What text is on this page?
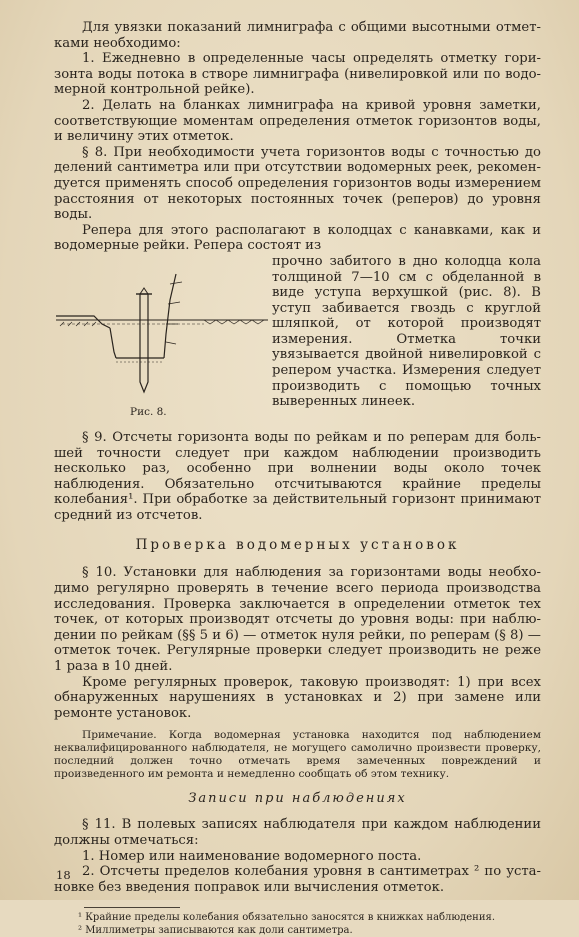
Для увязки показаний лимниграфа с общими высотными отметками необходимо:

1. Ежедневно в определенные часы определять отметку горизонта воды потока в створе лимниграфа (нивелировкой или по водомерной контрольной рейке).

2. Делать на бланках лимниграфа на кривой уровня заметки, соответствующие моментам определения отметок горизонтов воды, и величину этих отметок.

§ 8. При необходимости учета горизонтов воды с точностью до делений сантиметра или при отсутствии водомерных реек, рекомендуется применять способ определения горизонтов воды измерением расстояния от некоторых постоянных точек (реперов) до уровня воды.

Репера для этого располагают в колодцах с канавками, как и водомерные рейки. Репера состоят из

Рис. 8.

прочно забитого в дно колодца кола толщиной 7—10 см с обделанной в виде уступа верхушкой (рис. 8). В уступ забивается гвоздь с круглой шляпкой, от которой производят измерения. Отметка точки увязывается двойной нивелировкой с репером участка. Измерения следует производить с помощью точных выверенных линеек.

§ 9. Отсчеты горизонта воды по рейкам и по реперам для большей точности следует при каждом наблюдении производить несколько раз, особенно при волнении воды около точек наблюдения. Обязательно отсчитываются крайние пределы колебания¹. При обработке за действительный горизонт принимают средний из отсчетов.

Проверка водомерных установок

§ 10. Установки для наблюдения за горизонтами воды необходимо регулярно проверять в течение всего периода производства исследования. Проверка заключается в определении отметок тех точек, от которых производят отсчеты до уровня воды: при наблюдении по рейкам (§§ 5 и 6) — отметок нуля рейки, по реперам (§ 8) — отметок точек. Регулярные проверки следует производить не реже 1 раза в 10 дней.

Кроме регулярных проверок, таковую производят: 1) при всех обнаруженных нарушениях в установках и 2) при замене или ремонте установок.

Примечание. Когда водомерная установка находится под наблюдением неквалифицированного наблюдателя, не могущего самолично произвести проверку, последний должен точно отмечать время замеченных повреждений и произведенного им ремонта и немедленно сообщать об этом технику.

Записи при наблюдениях

§ 11. В полевых записях наблюдателя при каждом наблюдении должны отмечаться:

1. Номер или наименование водомерного поста.

2. Отсчеты пределов колебания уровня в сантиметрах ² по установке без введения поправок или вычисления отметок.

¹ Крайние пределы колебания обязательно заносятся в книжках наблюдения.

² Миллиметры записываются как доли сантиметра.

18
